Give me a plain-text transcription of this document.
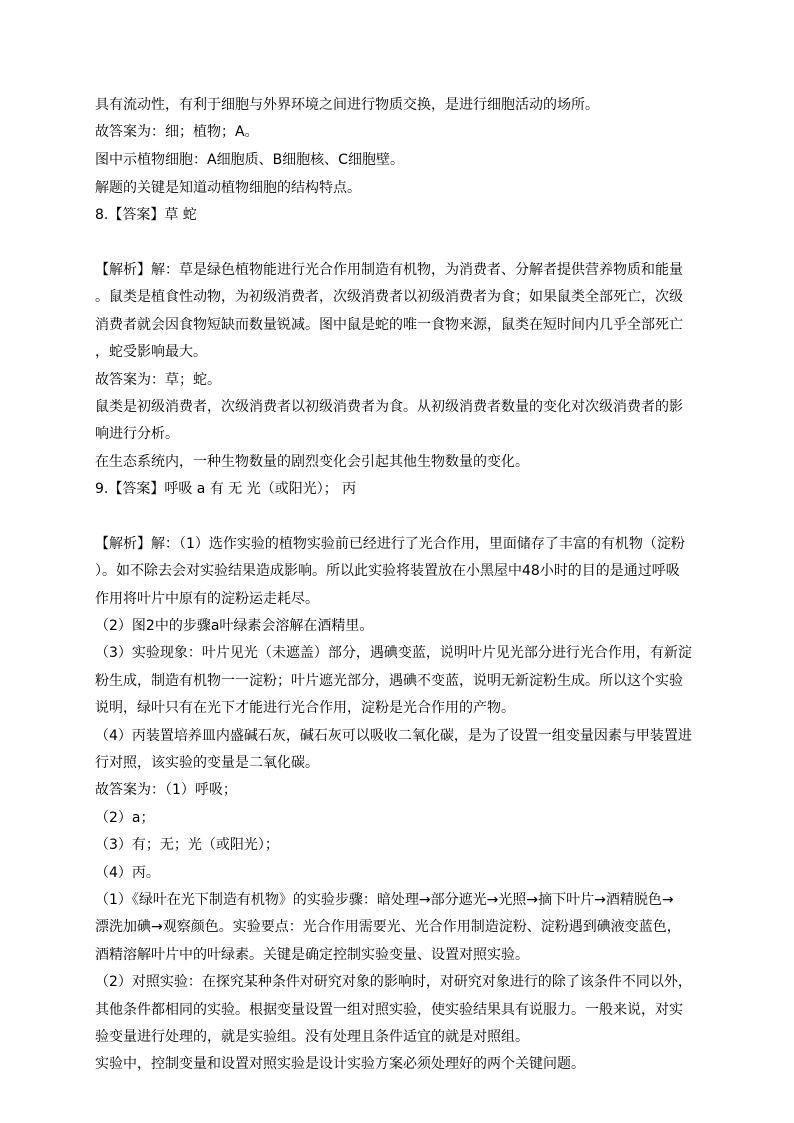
具有流动性，有利于细胞与外界环境之间进行物质交换，是进行细胞活动的场所。
故答案为：细；植物；A。
图中示植物细胞：A细胞质、B细胞核、C细胞壁。
解题的关键是知道动植物细胞的结构特点。
8.【答案】草 蛇
【解析】解：草是绿色植物能进行光合作用制造有机物，为消费者、分解者提供营养物质和能量
。鼠类是植食性动物，为初级消费者，次级消费者以初级消费者为食；如果鼠类全部死亡，次级
消费者就会因食物短缺而数量锐减。图中鼠是蛇的唯一食物来源，鼠类在短时间内几乎全部死亡
，蛇受影响最大。
故答案为：草；蛇。
鼠类是初级消费者，次级消费者以初级消费者为食。从初级消费者数量的变化对次级消费者的影
响进行分析。
在生态系统内，一种生物数量的剧烈变化会引起其他生物数量的变化。
9.【答案】呼吸 a 有 无 光（或阳光）； 丙
【解析】解：（1）选作实验的植物实验前已经进行了光合作用，里面储存了丰富的有机物（淀粉
）。如不除去会对实验结果造成影响。所以此实验将装置放在小黑屋中48小时的目的是通过呼吸
作用将叶片中原有的淀粉运走耗尽。
（2）图2中的步骤a叶绿素会溶解在酒精里。
（3）实验现象：叶片见光（未遮盖）部分，遇碘变蓝，说明叶片见光部分进行光合作用，有新淀
粉生成，制造有机物一一淀粉；叶片遮光部分，遇碘不变蓝，说明无新淀粉生成。所以这个实验
说明，绿叶只有在光下才能进行光合作用，淀粉是光合作用的产物。
（4）丙装置培养皿内盛碱石灰，碱石灰可以吸收二氧化碳，是为了设置一组变量因素与甲装置进
行对照，该实验的变量是二氧化碳。
故答案为：（1）呼吸；
（2）a；
（3）有；无；光（或阳光）；
（4）丙。
（1）《绿叶在光下制造有机物》的实验步骤：暗处理→部分遮光→光照→摘下叶片→酒精脱色→
漂洗加碘→观察颜色。实验要点：光合作用需要光、光合作用制造淀粉、淀粉遇到碘液变蓝色，
酒精溶解叶片中的叶绿素。关键是确定控制实验变量、设置对照实验。
（2）对照实验：在探究某种条件对研究对象的影响时，对研究对象进行的除了该条件不同以外，
其他条件都相同的实验。根据变量设置一组对照实验，使实验结果具有说服力。一般来说，对实
验变量进行处理的，就是实验组。没有处理且条件适宜的就是对照组。
实验中，控制变量和设置对照实验是设计实验方案必须处理好的两个关键问题。
